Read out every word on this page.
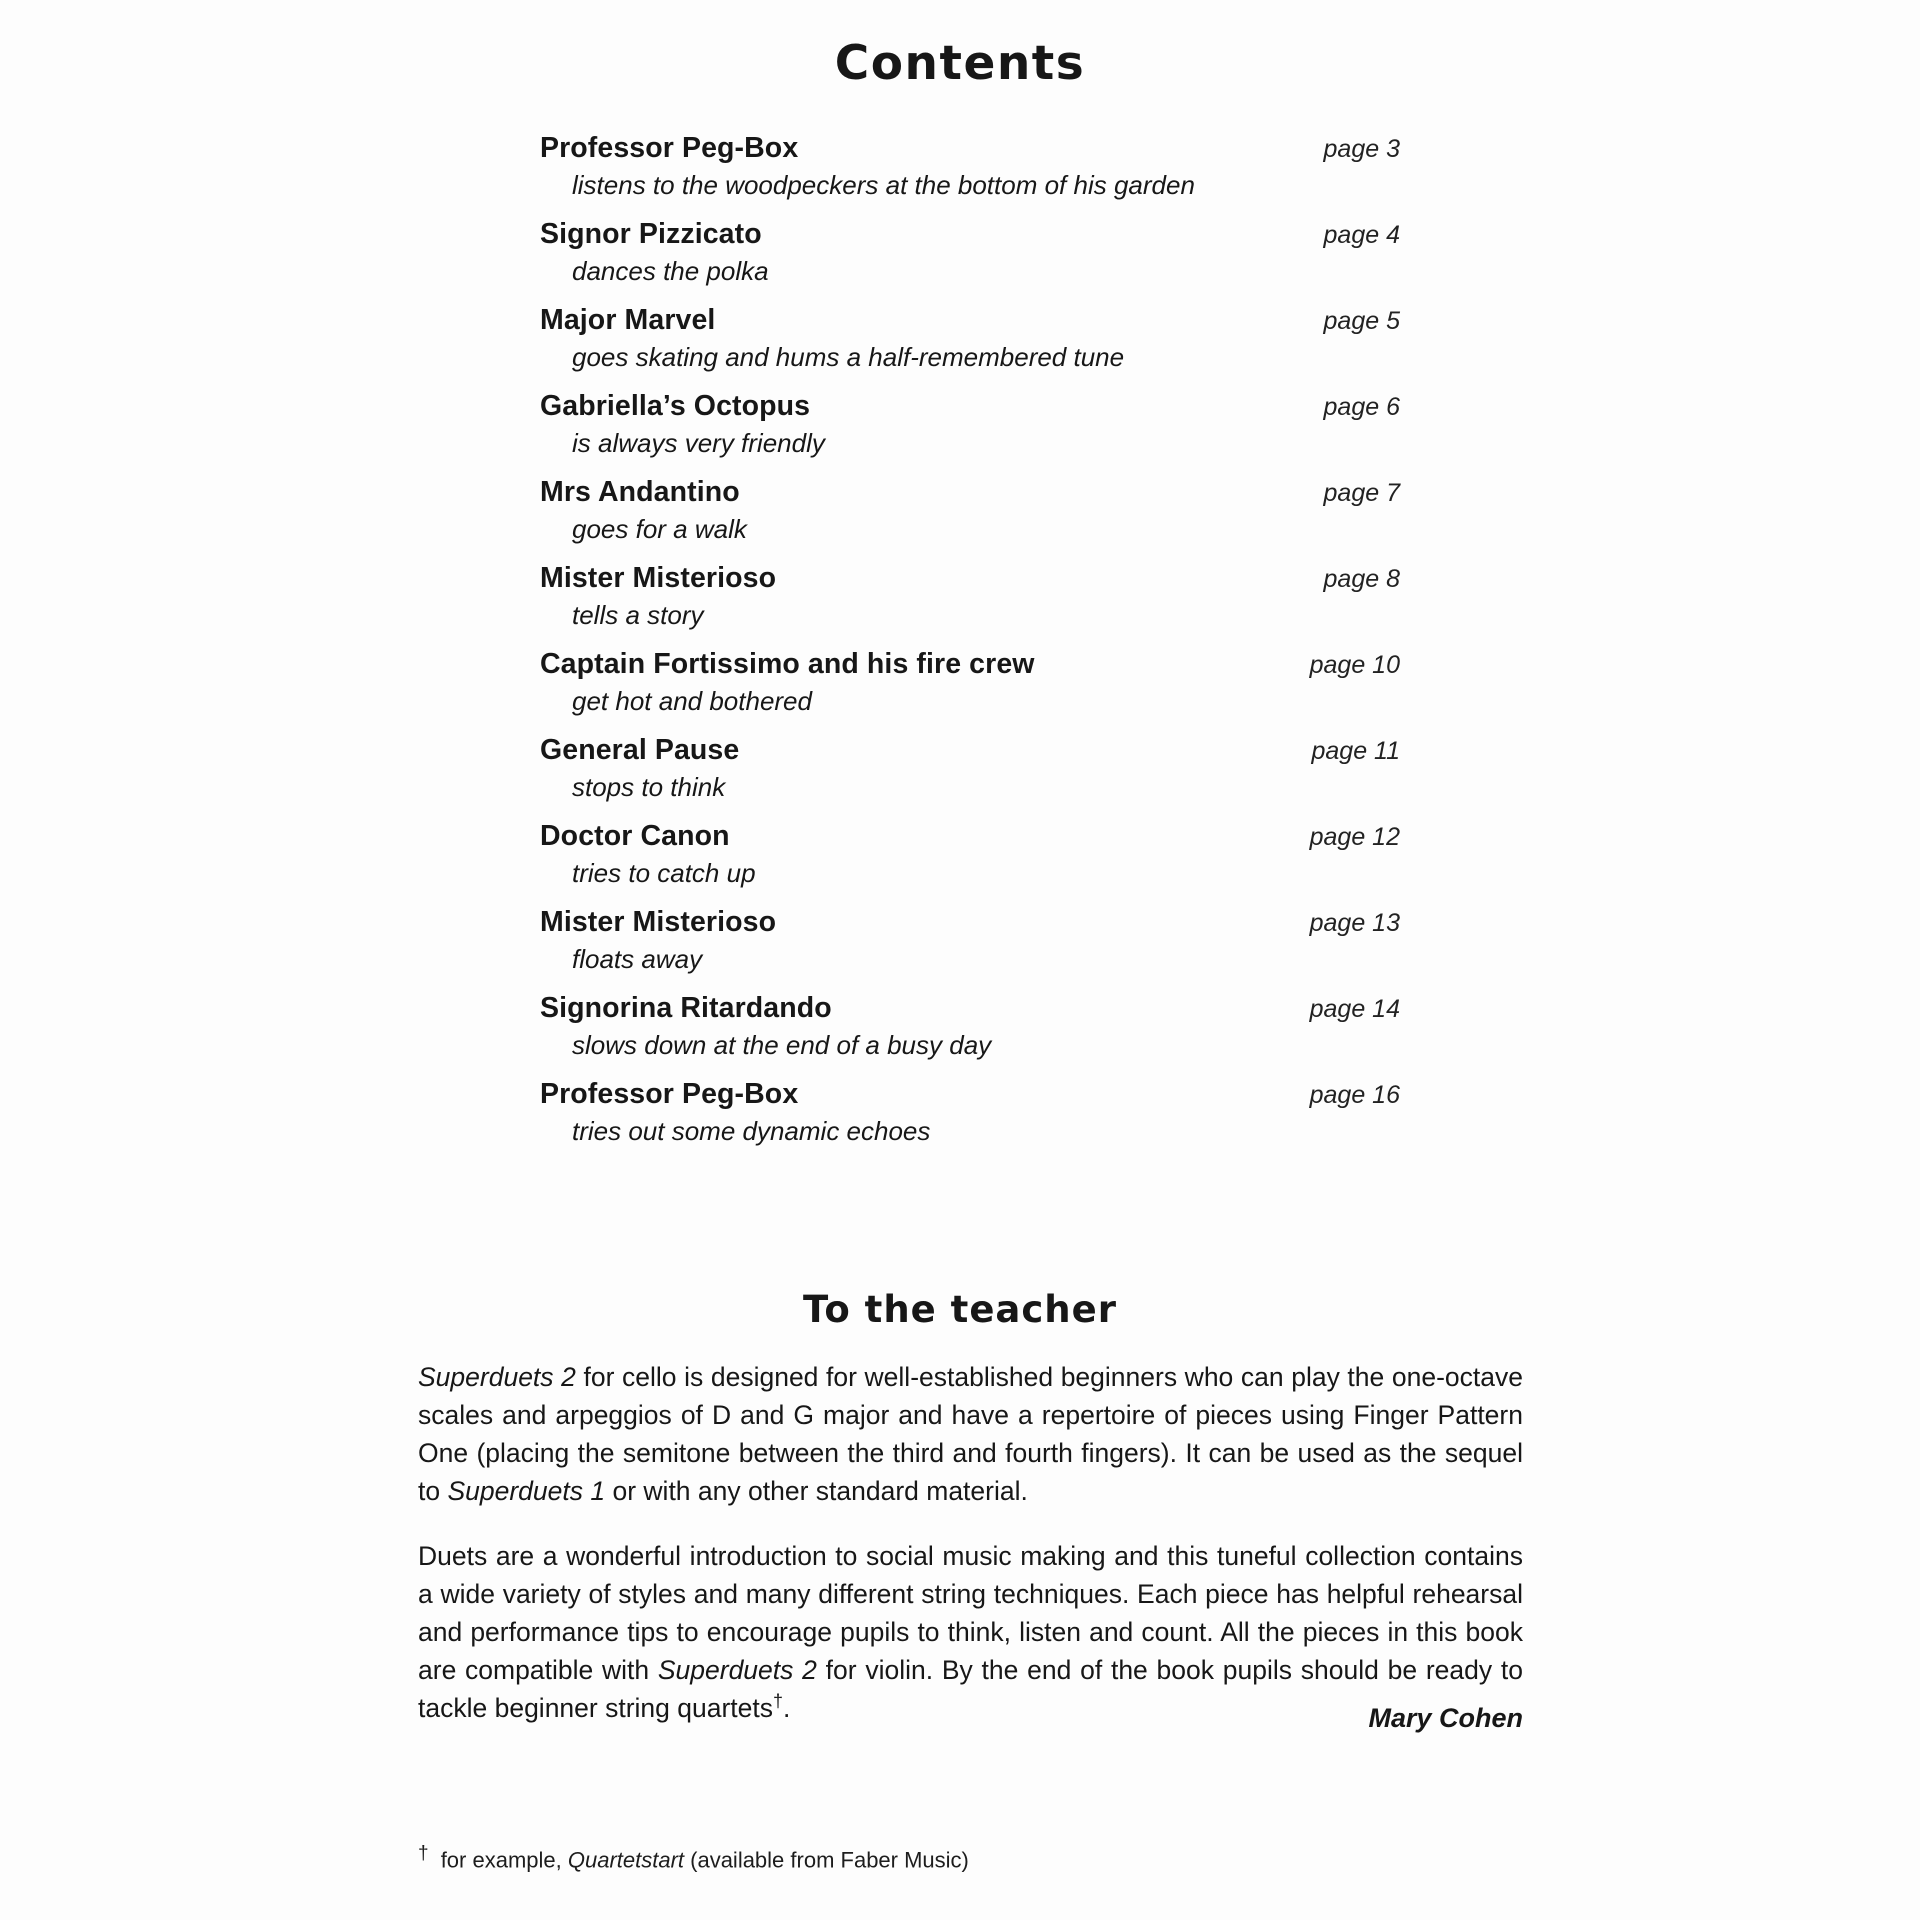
Contents
Professor Peg-Box	page 3
listens to the woodpeckers at the bottom of his garden
Signor Pizzicato	page 4
dances the polka
Major Marvel	page 5
goes skating and hums a half-remembered tune
Gabriella’s Octopus	page 6
is always very friendly
Mrs Andantino	page 7
goes for a walk
Mister Misterioso	page 8
tells a story
Captain Fortissimo and his fire crew	page 10
get hot and bothered
General Pause	page 11
stops to think
Doctor Canon	page 12
tries to catch up
Mister Misterioso	page 13
floats away
Signorina Ritardando	page 14
slows down at the end of a busy day
Professor Peg-Box	page 16
tries out some dynamic echoes
To the teacher

Superduets 2 for cello is designed for well-established beginners who can play the one-octave scales and arpeggios of D and G major and have a repertoire of pieces using Finger Pattern One (placing the semitone between the third and fourth fingers). It can be used as the sequel to Superduets 1 or with any other standard material.

Duets are a wonderful introduction to social music making and this tuneful collection contains a wide variety of styles and many different string techniques. Each piece has helpful rehearsal and performance tips to encourage pupils to think, listen and count. All the pieces in this book are compatible with Superduets 2 for violin. By the end of the book pupils should be ready to tackle beginner string quartets†.	Mary Cohen
† for example, Quartetstart (available from Faber Music)
